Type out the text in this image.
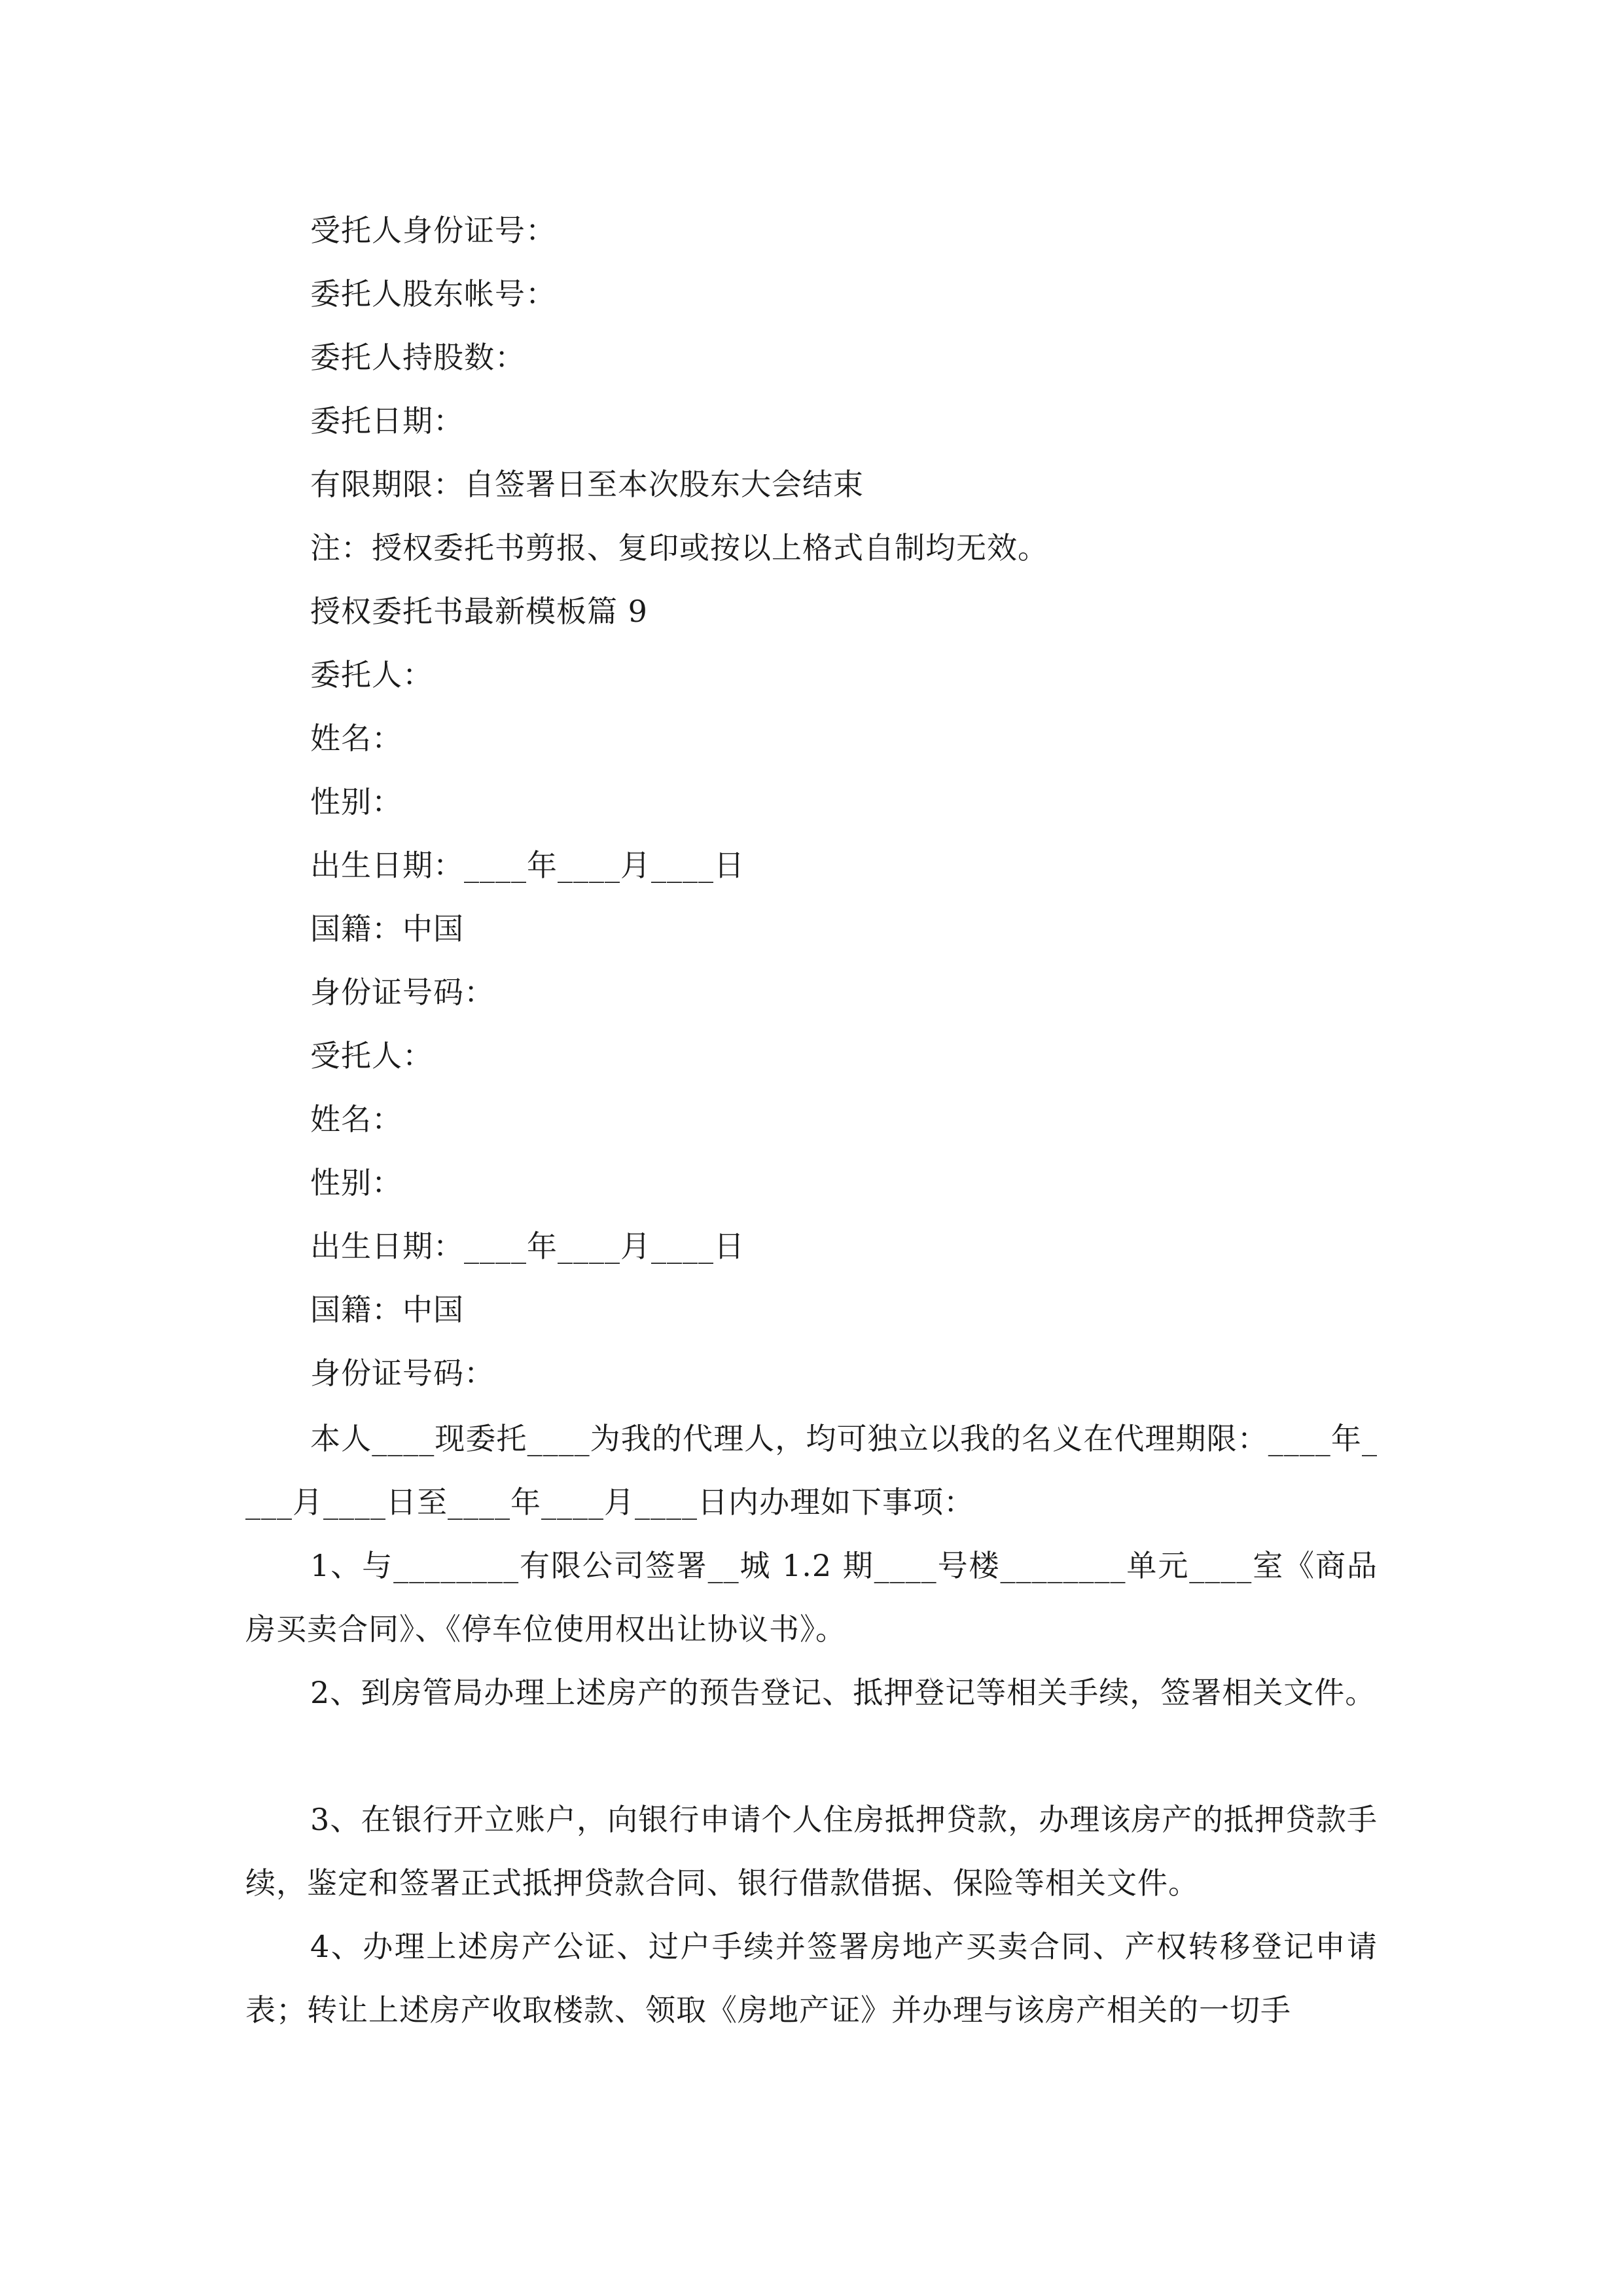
受托人身份证号：
委托人股东帐号：
委托人持股数：
委托日期：
有限期限：自签署日至本次股东大会结束
注：授权委托书剪报、复印或按以上格式自制均无效。
授权委托书最新模板篇 9
委托人：
姓名：
性别：
出生日期：____年____月____日
国籍：中国
身份证号码：
受托人：
姓名：
性别：
出生日期：____年____月____日
国籍：中国
身份证号码：
本人____现委托____为我的代理人，均可独立以我的名义在代理期限：____年____月____日至____年____月____日内办理如下事项：
1、与________有限公司签署__城 1.2 期____号楼________单元____室《商品房买卖合同》、《停车位使用权出让协议书》。
2、到房管局办理上述房产的预告登记、抵押登记等相关手续，签署相关文件。
3、在银行开立账户，向银行申请个人住房抵押贷款，办理该房产的抵押贷款手续，鉴定和签署正式抵押贷款合同、银行借款借据、保险等相关文件。
4、办理上述房产公证、过户手续并签署房地产买卖合同、产权转移登记申请表；转让上述房产收取楼款、领取《房地产证》并办理与该房产相关的一切手
